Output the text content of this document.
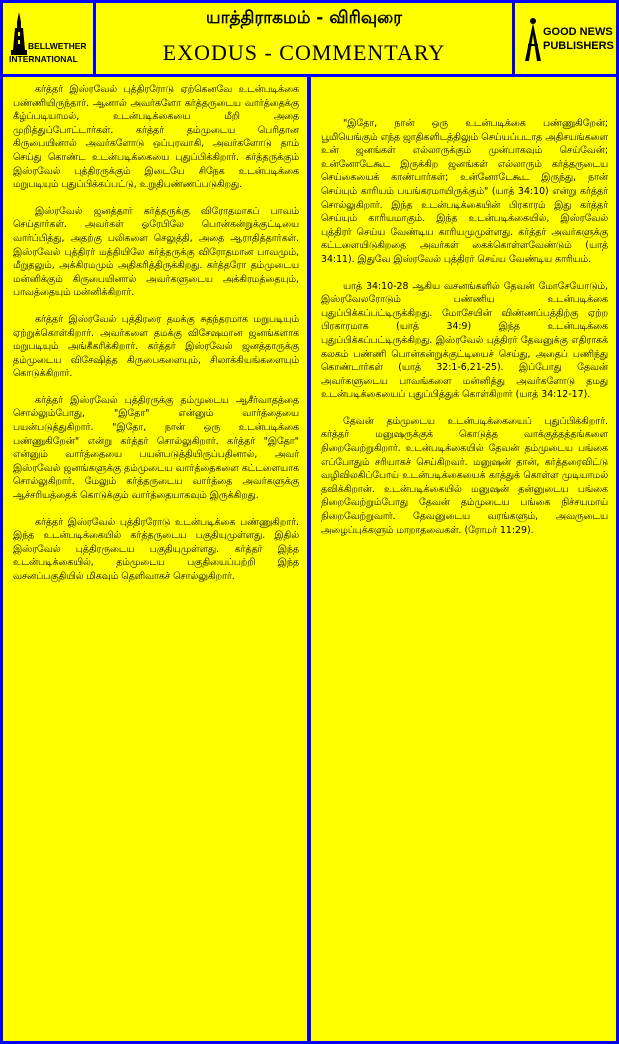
BELLWETHER
INTERNATIONAL
யாத்திராகமம் - விரிவுரை
EXODUS - COMMENTARY
GOOD NEWS
PUBLISHERS

கர்த்தர் இஸ்ரவேல் புத்திரரோடு ஏற்கெனவே உடன்படிக்கை பண்ணியிருந்தார். ஆனால் அவர்களோ கர்த்தருடைய வார்த்தைக்கு கீழ்ப்படியாமல், உடன்படிக்கையை மீறி அதை முறித்துப்போட்டார்கள். கர்த்தர் தம்முடைய பெரிதான கிருபையினால் அவர்களோடு ஒப்புரவாகி, அவர்களோடு தாம் செய்து கொண்ட உடன்படிக்கையை புதுப்பிக்கிறார். கர்த்தருக்கும் இஸ்ரவேல் புத்திரருக்கும் இடையே சிநேக உடன்படிக்கை மறுபடியும் புதுப்பிக்கப்பட்டு, உறுதிபண்ணப்படுகிறது.

இஸ்ரவேல் ஜனத்தார் கர்த்தருக்கு விரோதமாகப் பாவம் செய்தார்கள். அவர்கள் ஓரேபிலே பொன்கன்றுக்குட்டியை வார்ப்பித்து, அதற்கு பலிகளை செலுத்தி, அதை ஆராதித்தார்கள். இஸ்ரவேல் புத்திரர் மத்தியிலே கர்த்தருக்கு விரோதமான பாவமும், மீறுதலும், அக்கிரமமும் அதிகரித்திருக்கிறது. கர்த்தரோ தம்முடைய மன்னிக்கும் கிருபையினால் அவர்களுடைய அக்கிரமத்தையும், பாவத்தையும் மன்னிக்கிறார்.

கர்த்தர் இஸ்ரவேல் புத்திரரை தமக்கு சுதந்தரமாக மறுபடியும் ஏற்றுக்கொள்கிறார். அவர்களை தமக்கு விசேஷமான ஜனங்களாக மறுபடியும் அங்கீகரிக்கிறார். கர்த்தர் இஸ்ரவேல் ஜனத்தாருக்கு தம்முடைய விசேஷித்த கிருபைகளையும், சிலாக்கியங்களையும் கொடுக்கிறார்.

கர்த்தர் இஸ்ரவேல் புத்திரருக்கு தம்முடைய ஆசீர்வாதத்தை சொல்லும்போது, "இதோ" என்னும் வார்த்தையை பயன்படுத்துகிறார். "இதோ, நான் ஒரு உடன்படிக்கை பண்ணுகிறேன்" என்று கர்த்தர் சொல்லுகிறார். கர்த்தர் "இதோ" என்னும் வார்த்தையை பயன்படுத்தியிருப்பதினால், அவர் இஸ்ரவேல் ஜனங்களுக்கு தம்முடைய வார்த்தைகளை கட்டளையாக சொல்லுகிறார். மேலும் கர்த்தருடைய வார்த்தை அவர்களுக்கு ஆச்சரியத்தைக் கொடுக்கும் வார்த்தையாகவும் இருக்கிறது.

கர்த்தர் இஸ்ரவேல் புத்திரரோடு உடன்படிக்கை பண்ணுகிறார். இந்த உடன்படிக்கையில் கர்த்தருடைய பகுதியுமுள்ளது. இதில் இஸ்ரவேல் புத்திரருடைய பகுதியுமுள்ளது. கர்த்தர் இந்த உடன்படிக்கையில், தம்முடைய பகுதியைப்பற்றி இந்த வசனப்பகுதியில் மிகவும் தெளிவாகச் சொல்லுகிறார்.

"இதோ, நான் ஒரு உடன்படிக்கை பண்ணுகிறேன்; பூமியெங்கும் எந்த ஜாதிகளிடத்திலும் செய்யப்படாத அதிசயங்களை உன் ஜனங்கள் எல்லாருக்கும் முன்பாகவும் செய்வேன்; உன்னோடேகூட இருக்கிற ஜனங்கள் எல்லாரும் கர்த்தருடைய செய்கையைக் காண்பார்கள்; உன்னோடேகூட இருந்து, நான் செய்யும் காரியம் பயங்கரமாயிருக்கும்" (யாத் 34:10) என்று கர்த்தர் சொல்லுகிறார். இந்த உடன்படிக்கையின் பிரகாரம் இது கர்த்தர் செய்யும் காரியமாகும். இந்த உடன்படிக்கையில், இஸ்ரவேல் புத்திரர் செய்ய வேண்டிய காரியமுமுள்ளது. கர்த்தர் அவர்களுக்கு கட்டளையிடுகிறதை அவர்கள் கைக்கொள்ளவேண்டும் (யாத் 34:11). இதுவே இஸ்ரவேல் புத்திரர் செய்ய வேண்டிய காரியம்.

யாத் 34:10-28 ஆகிய வசனங்களில் தேவன் மோசேயோடும், இஸ்ரவேலரோடும் பண்ணிய உடன்படிக்கை புதுப்பிக்கப்பட்டிருக்கிறது. மோசேயின் விண்ணப்பத்திற்கு ஏற்ற பிரகாரமாக (யாத் 34:9) இந்த உடன்படிக்கை புதுப்பிக்கப்பட்டிருக்கிறது. இஸ்ரவேல் புத்திரர் தேவனுக்கு எதிராகக் கலகம் பண்ணி பொன்கன்றுக்குட்டியைச் செய்து, அதைப் பணிந்து கொண்டார்கள் (யாத் 32:1-6,21-25). இப்போது தேவன் அவர்களுடைய பாவங்களை மன்னித்து அவர்களோடு தமது உடன்படிக்கையைப் புதுப்பித்துக் கொள்கிறார் (யாத் 34:12-17).

தேவன் தம்முடைய உடன்படிக்கையைப் புதுப்பிக்கிறார். கர்த்தர் மனுஷருக்குக் கொடுத்த வாக்குத்தத்தங்களை நிறைவேற்றுகிறார். உடன்படிக்கையில் தேவன் தம்முடைய பங்கை எப்போதும் சரியாகச் செய்கிறவர். மனுஷன் தான், கர்த்தரைவிட்டு வழிவிலகிப்போய் உடன்படிக்கையைக் காத்துக் கொள்ள முடியாமல் தவிக்கிறான். உடன்படிக்கையில் மனுஷன் தன்னுடைய பங்கை நிறைவேற்றும்போது தேவன் தம்முடைய பங்கை நிச்சயமாய் நிறைவேற்றுவார். தேவனுடைய வரங்களும், அவருடைய அழைப்புக்களும் மாறாதவைகள். (ரோமர் 11:29).
